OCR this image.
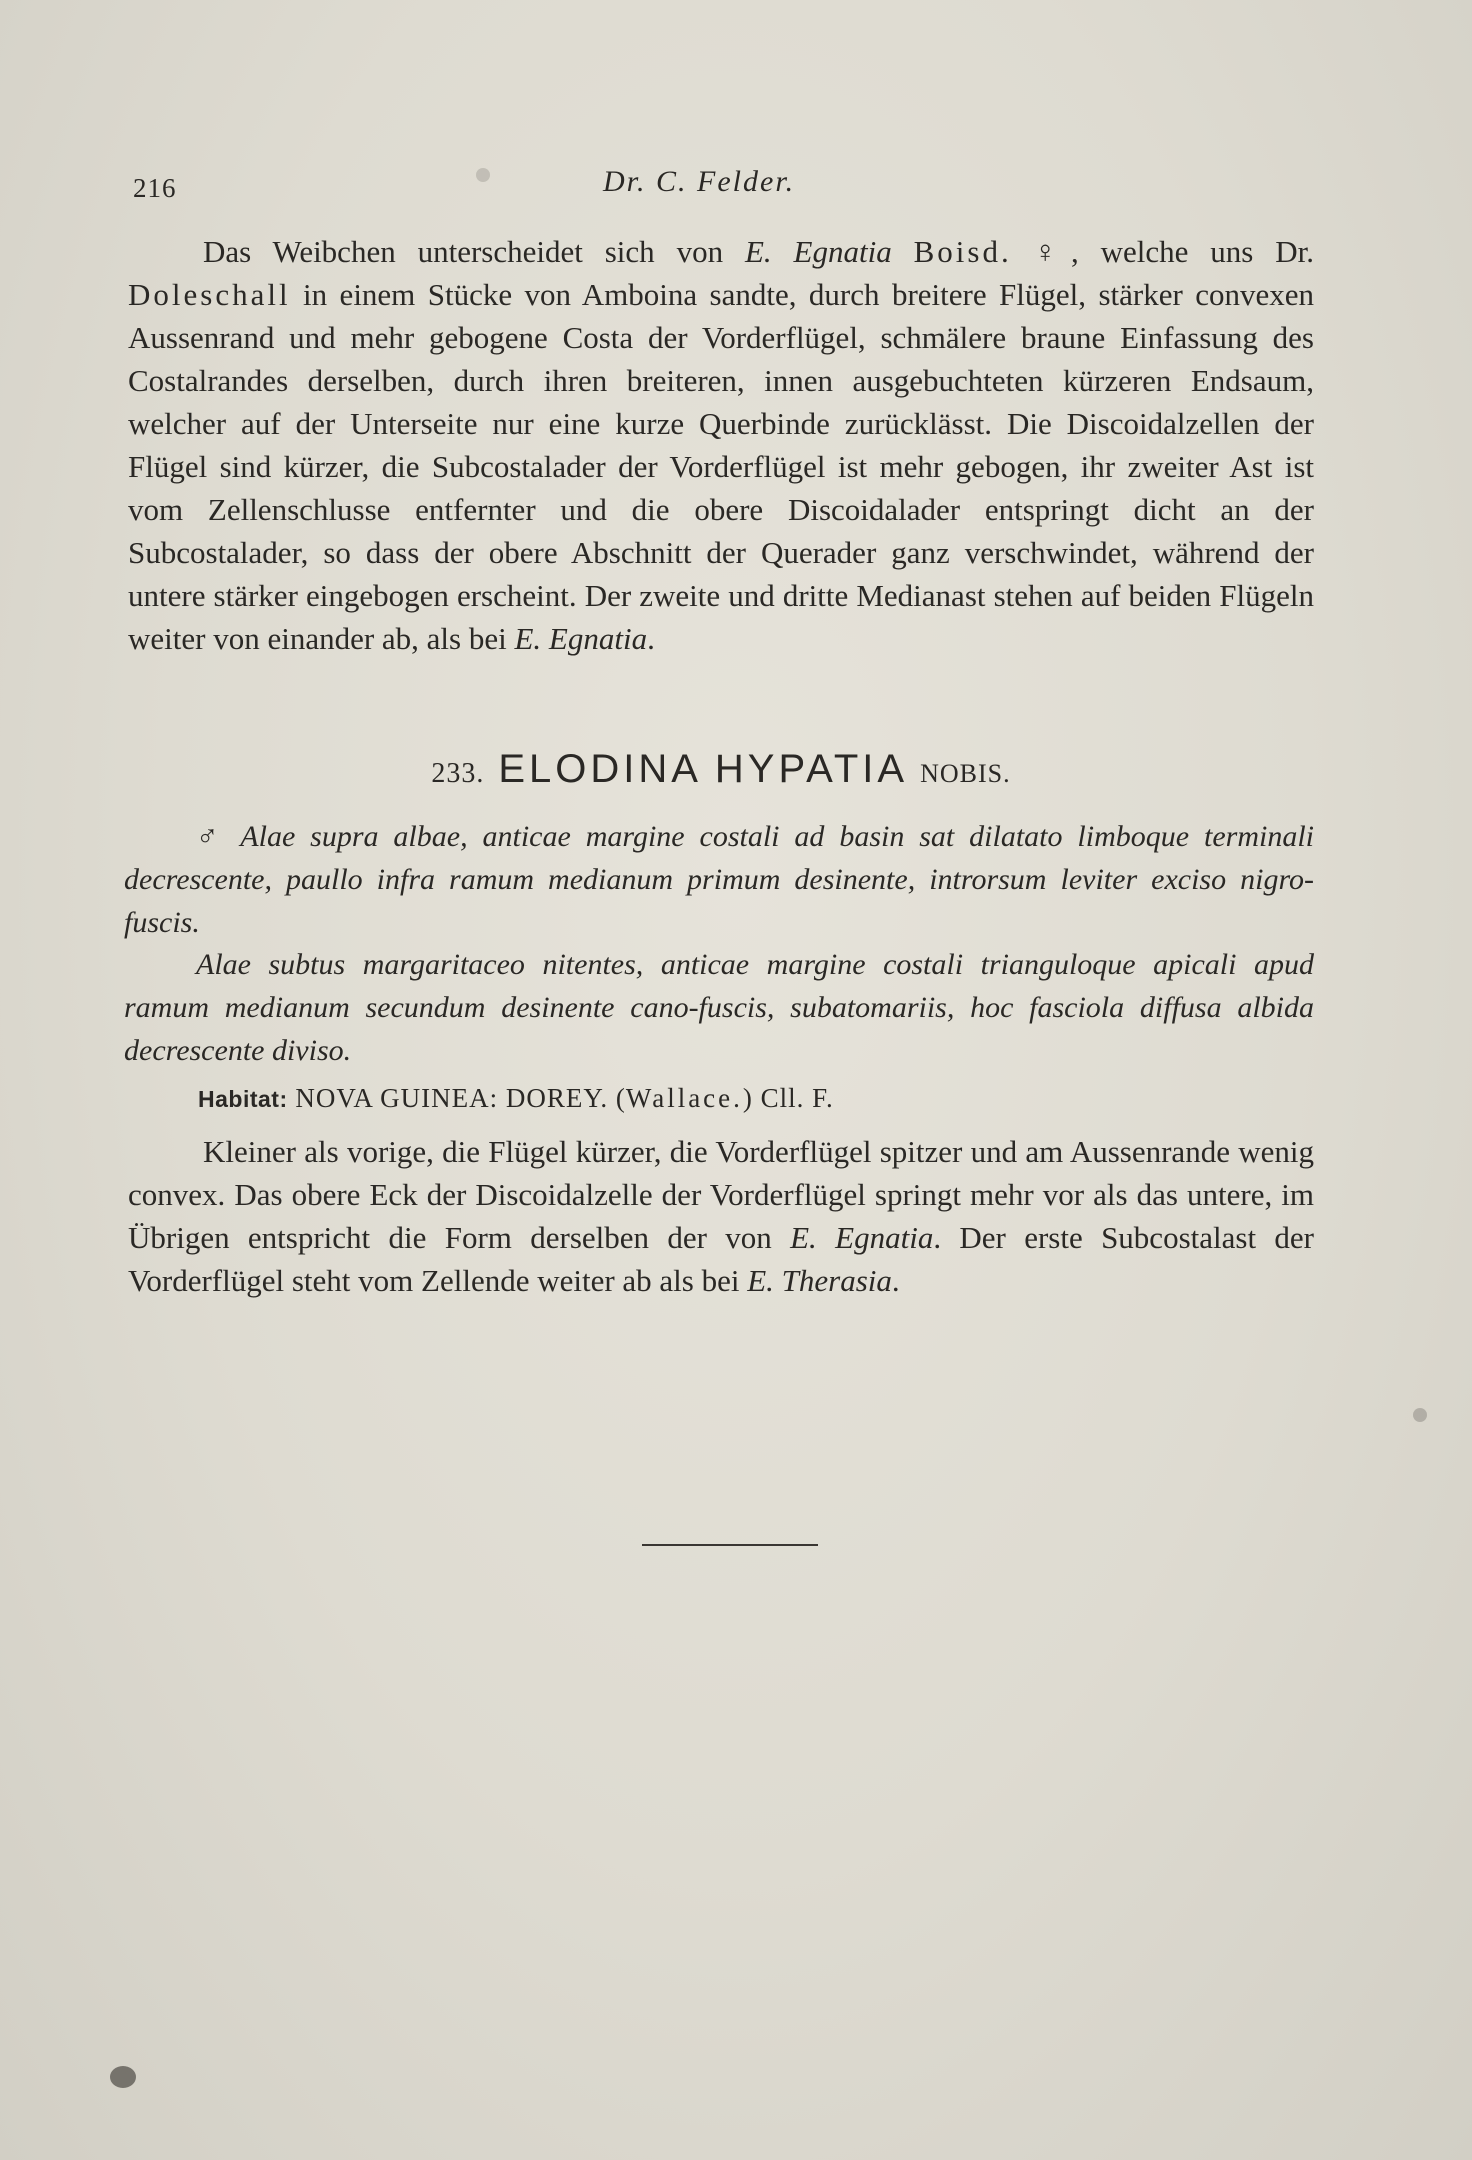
216	Dr. C. Felder.

Das Weibchen unterscheidet sich von E. Egnatia Boisd. ♀, welche uns Dr. Doleschall in einem Stücke von Amboina sandte, durch breitere Flügel, stärker convexen Aussenrand und mehr gebogene Costa der Vorderflügel, schmälere braune Einfassung des Costalrandes derselben, durch ihren breiteren, innen ausgebuchteten kürzeren Endsaum, welcher auf der Unterseite nur eine kurze Querbinde zurücklässt. Die Discoidalzellen der Flügel sind kürzer, die Subcostalader der Vorderflügel ist mehr gebogen, ihr zweiter Ast ist vom Zellenschlusse entfernter und die obere Discoidalader entspringt dicht an der Subcostalader, so dass der obere Abschnitt der Querader ganz verschwindet, während der untere stärker eingebogen erscheint. Der zweite und dritte Medianast stehen auf beiden Flügeln weiter von einander ab, als bei E. Egnatia.

233. ELODINA HYPATIA NOBIS.

♂ Alae supra albae, anticae margine costali ad basin sat dilatato limboque terminali decrescente, paullo infra ramum medianum primum desinente, introrsum leviter exciso nigro-fuscis.

Alae subtus margaritaceo nitentes, anticae margine costali trianguloque apicali apud ramum medianum secundum desinente cano-fuscis, subatomariis, hoc fasciola diffusa albida decrescente diviso.

Habitat: NOVA GUINEA: DOREY. (Wallace.) Cll. F.

Kleiner als vorige, die Flügel kürzer, die Vorderflügel spitzer und am Aussenrande wenig convex. Das obere Eck der Discoidalzelle der Vorderflügel springt mehr vor als das untere, im Übrigen entspricht die Form derselben der von E. Egnatia. Der erste Subcostalast der Vorderflügel steht vom Zellende weiter ab als bei E. Therasia.
